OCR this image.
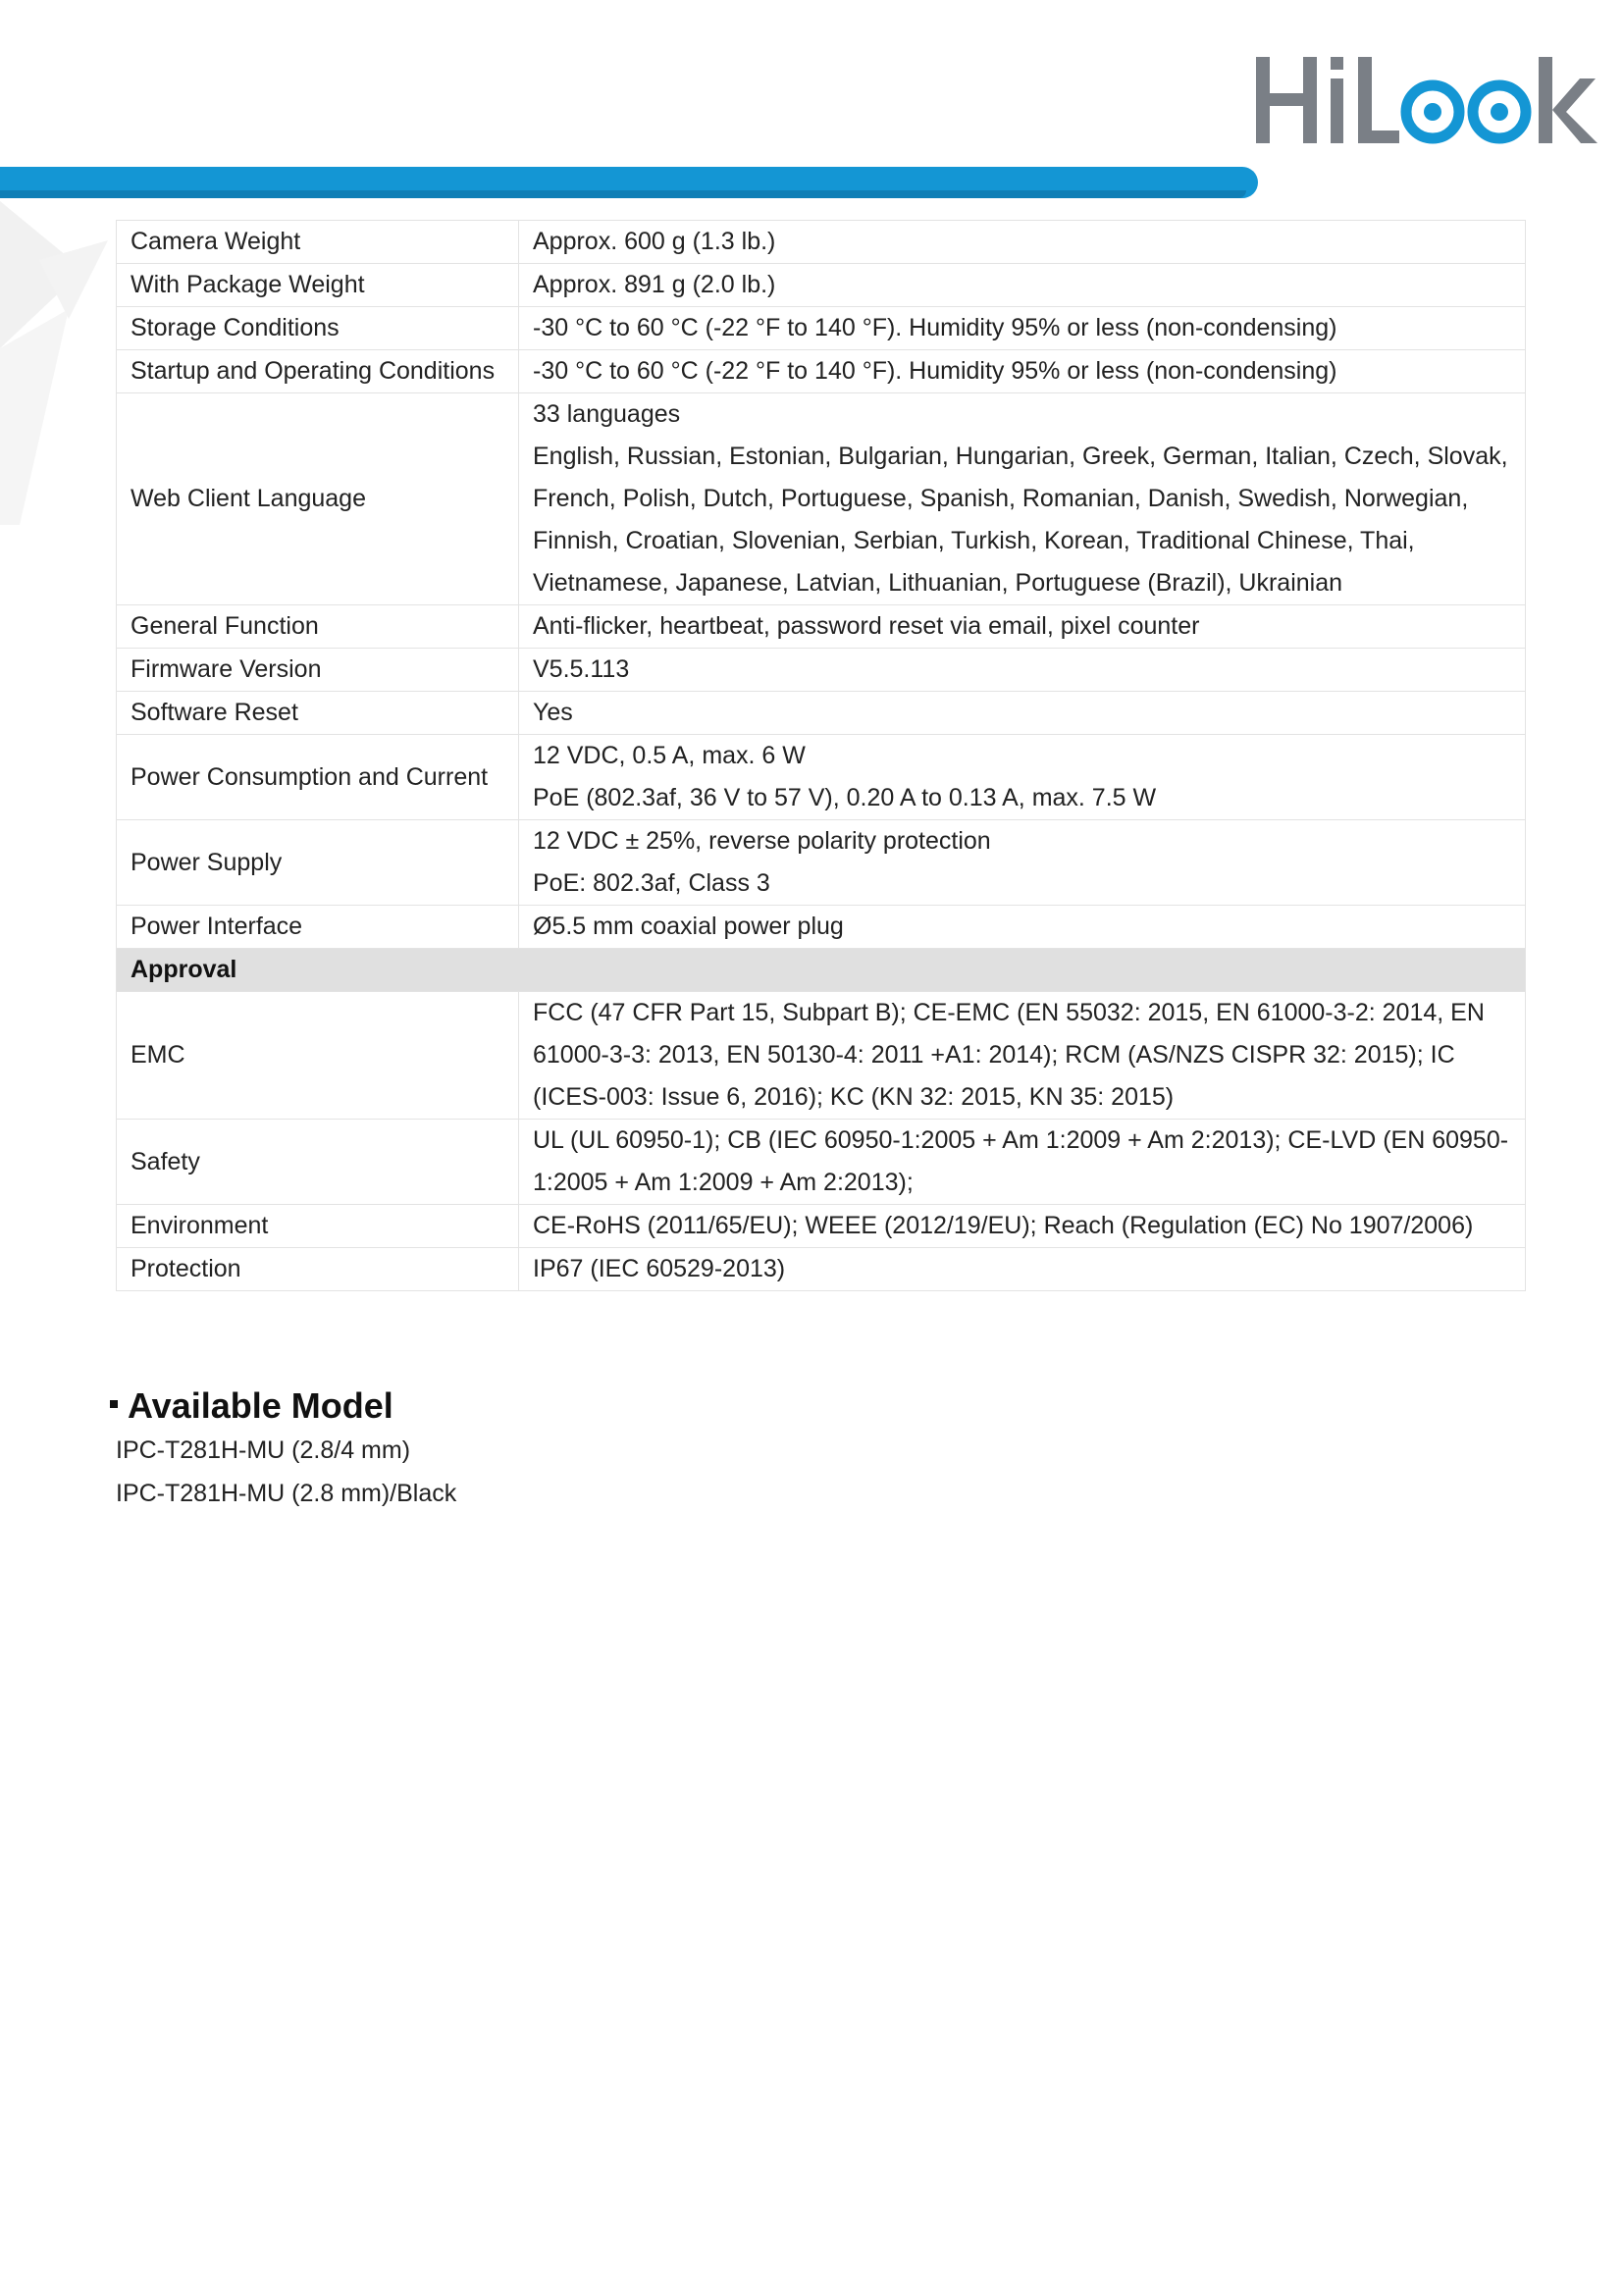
Camera Weight	Approx. 600 g (1.3 lb.)

With Package Weight	Approx. 891 g (2.0 lb.)

Storage Conditions	-30 °C to 60 °C (-22 °F to 140 °F). Humidity 95% or less (non-condensing)

Startup and Operating Conditions	-30 °C to 60 °C (-22 °F to 140 °F). Humidity 95% or less (non-condensing)

Web Client Language	33 languages
English, Russian, Estonian, Bulgarian, Hungarian, Greek, German, Italian, Czech, Slovak, French, Polish, Dutch, Portuguese, Spanish, Romanian, Danish, Swedish, Norwegian, Finnish, Croatian, Slovenian, Serbian, Turkish, Korean, Traditional Chinese, Thai, Vietnamese, Japanese, Latvian, Lithuanian, Portuguese (Brazil), Ukrainian

General Function	Anti-flicker, heartbeat, password reset via email, pixel counter

Firmware Version	V5.5.113

Software Reset	Yes

Power Consumption and Current	12 VDC, 0.5 A, max. 6 W
PoE (802.3af, 36 V to 57 V), 0.20 A to 0.13 A, max. 7.5 W

Power Supply	12 VDC ± 25%, reverse polarity protection
PoE: 802.3af, Class 3

Power Interface	Ø5.5 mm coaxial power plug

Approval	
EMC	FCC (47 CFR Part 15, Subpart B); CE-EMC (EN 55032: 2015, EN 61000-3-2: 2014, EN 61000-3-3: 2013, EN 50130-4: 2011 +A1: 2014); RCM (AS/NZS CISPR 32: 2015); IC (ICES-003: Issue 6, 2016); KC (KN 32: 2015, KN 35: 2015)

Safety	UL (UL 60950-1); CB (IEC 60950-1:2005 + Am 1:2009 + Am 2:2013); CE-LVD (EN 60950-1:2005 + Am 1:2009 + Am 2:2013);

Environment	CE-RoHS (2011/65/EU); WEEE (2012/19/EU); Reach (Regulation (EC) No 1907/2006)

Protection	IP67 (IEC 60529-2013)
Available Model
IPC-T281H-MU (2.8/4 mm)
IPC-T281H-MU (2.8 mm)/Black
